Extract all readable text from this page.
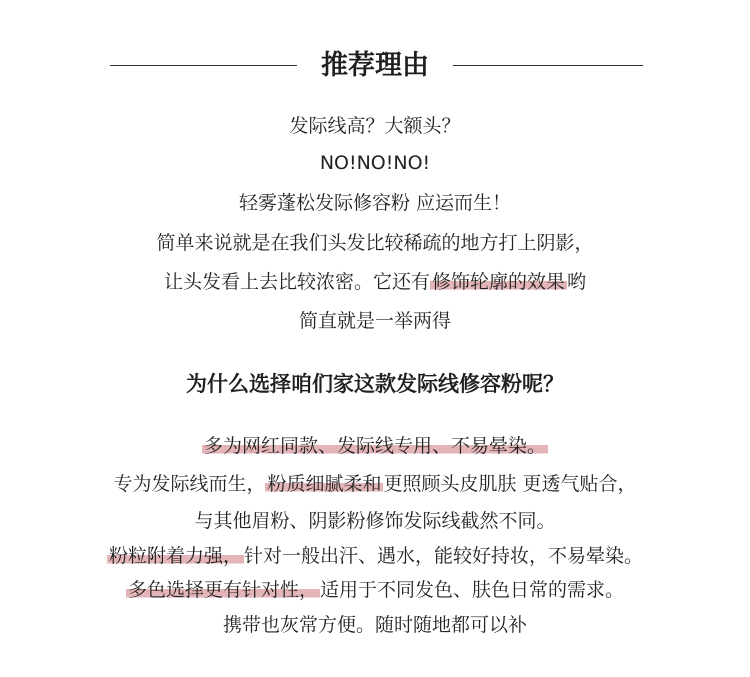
推荐理由
发际线高？大额头？
NO!NO!NO!
轻雾蓬松发际修容粉 应运而生！
简单来说就是在我们头发比较稀疏的地方打上阴影，
让头发看上去比较浓密。它还有 修饰轮廓的效果 哟
简直就是一举两得
为什么选择咱们家这款发际线修容粉呢？
多为网红同款、发际线专用、不易晕染。
专为发际线而生， 粉质细腻柔和 更照顾头皮肌肤 更透气贴合，
与其他眉粉、阴影粉修饰发际线截然不同。
粉粒附着力强， 针对一般出汗、遇水，能较好持妆，不易晕染。
多色选择更有针对性， 适用于不同发色、肤色日常的需求。
携带也灰常方便。随时随地都可以补
